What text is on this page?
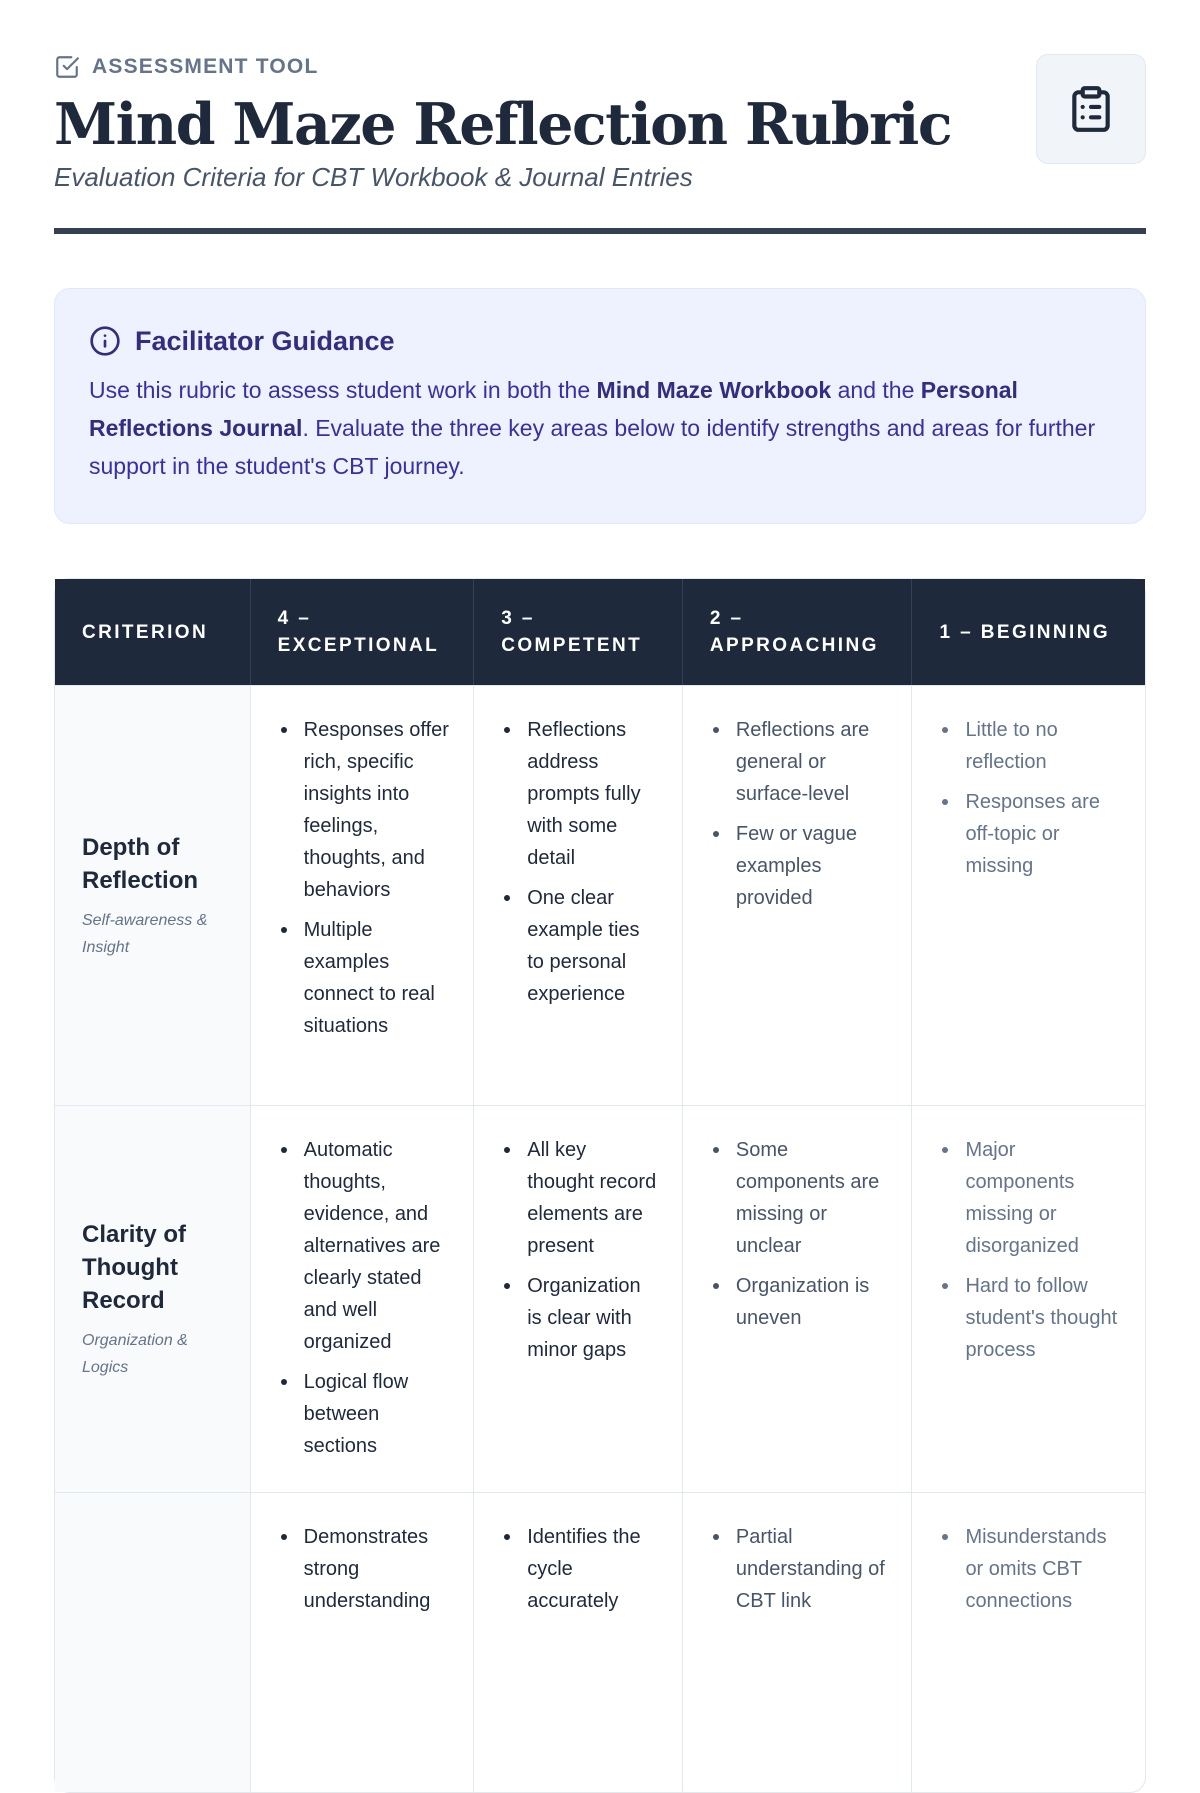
ASSESSMENT TOOL
Mind Maze Reflection Rubric
Evaluation Criteria for CBT Workbook & Journal Entries
Facilitator Guidance

Use this rubric to assess student work in both the Mind Maze Workbook and the Personal Reflections Journal. Evaluate the three key areas below to identify strengths and areas for further support in the student's CBT journey.

CRITERION
4 – EXCEPTIONAL
3 – COMPETENT
2 – APPROACHING
1 – BEGINNING
Depth of Reflection
Self-awareness & Insight
Responses offer rich, specific insights into feelings, thoughts, and behaviors
Multiple examples connect to real situations
Reflections address prompts fully with some detail
One clear example ties to personal experience
Reflections are general or surface-level
Few or vague examples provided
Little to no reflection
Responses are off-topic or missing
Clarity of Thought Record
Organization & Logics
Automatic thoughts, evidence, and alternatives are clearly stated and well organized
Logical flow between sections
All key thought record elements are present
Organization is clear with minor gaps
Some components are missing or unclear
Organization is uneven
Major components missing or disorganized
Hard to follow student's thought process
Demonstrates strong understanding
Identifies the cycle accurately
Partial understanding of CBT link
Misunderstands or omits CBT connections
